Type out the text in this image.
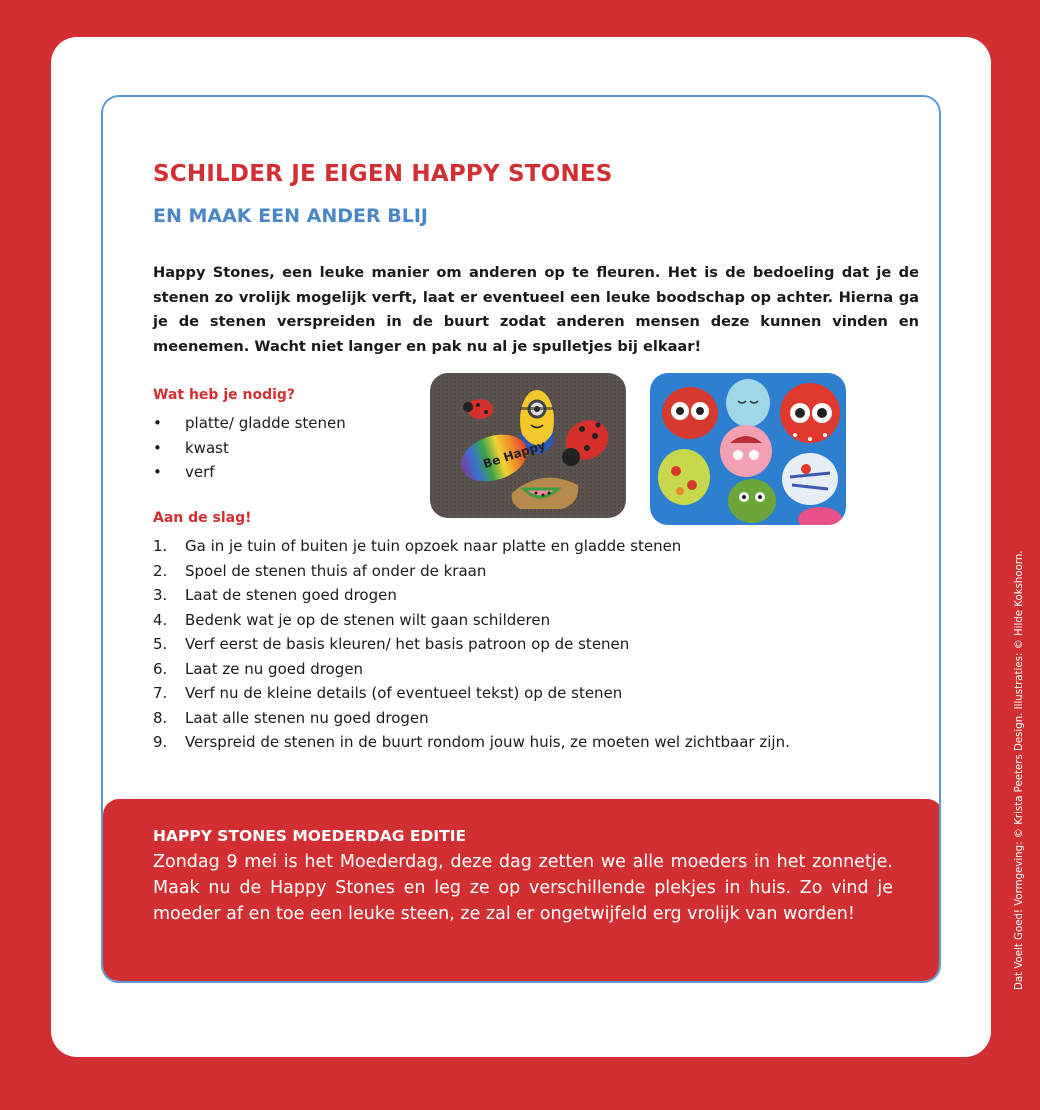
SCHILDER JE EIGEN HAPPY STONES
EN MAAK EEN ANDER BLIJ

Happy Stones, een leuke manier om anderen op te fleuren. Het is de bedoeling dat je de stenen zo vrolijk mogelijk verft, laat er eventueel een leuke boodschap op achter. Hierna ga je de stenen verspreiden in de buurt zodat anderen mensen deze kunnen vinden en meenemen. Wacht niet langer en pak nu al je spulletjes bij elkaar!

Wat heb je nodig?
• platte/ gladde stenen
• kwast
• verf
Be Happy
Aan de slag!
1. Ga in je tuin of buiten je tuin opzoek naar platte en gladde stenen
2. Spoel de stenen thuis af onder de kraan
3. Laat de stenen goed drogen
4. Bedenk wat je op de stenen wilt gaan schilderen
5. Verf eerst de basis kleuren/ het basis patroon op de stenen
6. Laat ze nu goed drogen
7. Verf nu de kleine details (of eventueel tekst) op de stenen
8. Laat alle stenen nu goed drogen
9. Verspreid de stenen in de buurt rondom jouw huis, ze moeten wel zichtbaar zijn.
HAPPY STONES MOEDERDAG EDITIE

Zondag 9 mei is het Moederdag, deze dag zetten we alle moeders in het zonnetje. Maak nu de Happy Stones en leg ze op verschillende plekjes in huis. Zo vind je moeder af en toe een leuke steen, ze zal er ongetwijfeld erg vrolijk van worden!	Dat Voelt Goed! Vormgeving: © Krista Peeters Design. Illustraties: © Hilde Kokshoorn.
